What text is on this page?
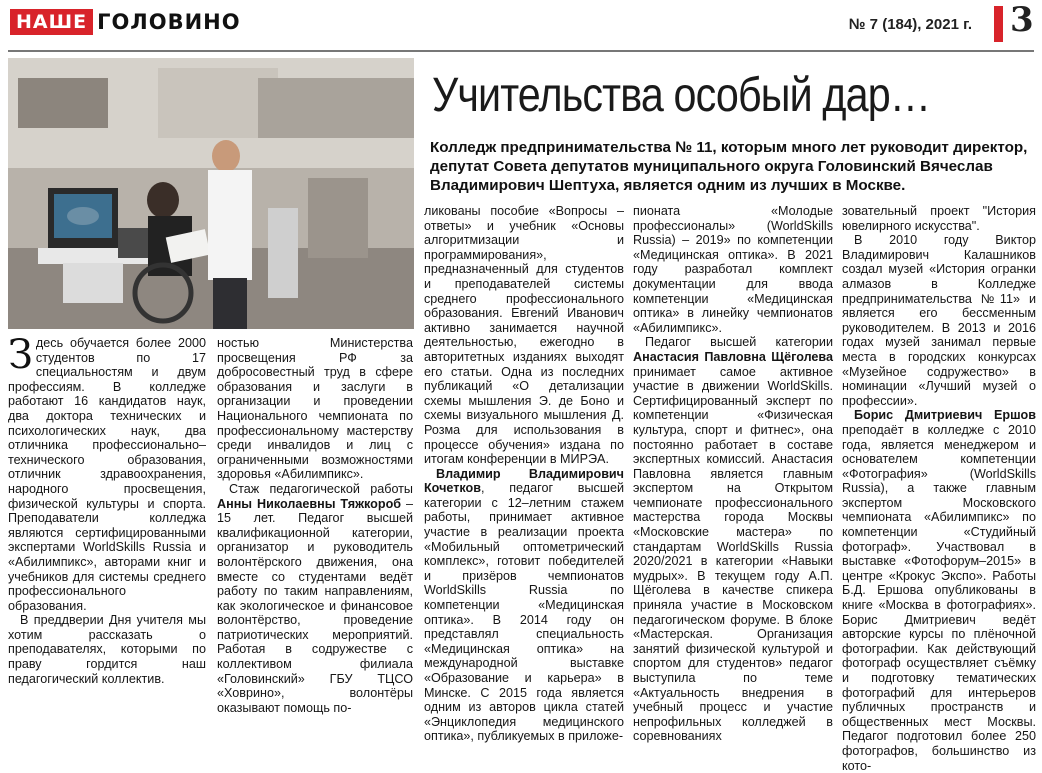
НАШЕ ГОЛОВИНО	№ 7 (184), 2021 г. 3
Учительства особый дар…
Колледж предпринимательства № 11, которым много лет руководит директор, депутат Совета депутатов муниципального округа Головинский Вячеслав Владимирович Шептуха, является одним из лучших в Москве.
З десь обучается более 2000 студентов по 17 специальностям и двум профессиям. В колледже работают 16 кандидатов наук, два доктора технических и психологических наук, два отличника профессионально–технического образования, отличник здравоохранения, народного просвещения, физической культуры и спорта. Преподаватели колледжа являются сертифицированными экспертами WorldSkills Russia и «Абилимпикс», авторами книг и учебников для системы среднего профессионального образования.

В преддверии Дня учителя мы хотим рассказать о преподавателях, которыми по праву гордится наш педагогический коллектив.

ностью Министерства просвещения РФ за добросовестный труд в сфере образования и заслуги в организации и проведении Национального чемпионата по профессиональному мастерству среди инвалидов и лиц с ограниченными возможностями здоровья «Абилимпикс».

Стаж педагогической работы Анны Николаевны Тяжкороб – 15 лет. Педагог высшей квалификационной категории, организатор и руководитель волонтёрского движения, она вместе со студентами ведёт работу по таким направлениям, как экологическое и финансовое волонтёрство, проведение патриотических мероприятий. Работая в содружестве с коллективом филиала «Головинский» ГБУ ТЦСО «Ховрино», волонтёры оказывают помощь по-

ликованы пособие «Вопросы – ответы» и учебник «Основы алгоритмизации и программирования», предназначенный для студентов и преподавателей системы среднего профессионального образования. Евгений Иванович активно занимается научной деятельностью, ежегодно в авторитетных изданиях выходят его статьи. Одна из последних публикаций «О детализации схемы мышления Э. де Боно и схемы визуального мышления Д. Розма для использования в процессе обучения» издана по итогам конференции в МИРЭА.

Владимир Владимирович Кочетков, педагог высшей категории с 12–летним стажем работы, принимает активное участие в реализации проекта «Мобильный оптометрический комплекс», готовит победителей и призёров чемпионатов WorldSkills Russia по компетенции «Медицинская оптика». В 2014 году он представлял специальность «Медицинская оптика» на международной выставке «Образование и карьера» в Минске. С 2015 года является одним из авторов цикла статей «Энциклопедия медицинского оптика», публикуемых в приложе-

пионата «Молодые профессионалы» (WorldSkills Russia) – 2019» по компетенции «Медицинская оптика». В 2021 году разработал комплект документации для ввода компетенции «Медицинская оптика» в линейку чемпионатов «Абилимпикс».

Педагог высшей категории Анастасия Павловна Щёголева принимает самое активное участие в движении WorldSkills. Сертифицированный эксперт по компетенции «Физическая культура, спорт и фитнес», она постоянно работает в составе экспертных комиссий. Анастасия Павловна является главным экспертом на Открытом чемпионате профессионального мастерства города Москвы «Московские мастера» по стандартам WorldSkills Russia 2020/2021 в категории «Навыки мудрых». В текущем году А.П. Щёголева в качестве спикера приняла участие в Московском педагогическом форуме. В блоке «Мастерская. Организация занятий физической культурой и спортом для студентов» педагог выступила по теме «Актуальность внедрения в учебный процесс и участие непрофильных колледжей в соревнованиях

зовательный проект "История ювелирного искусства".

В 2010 году Виктор Владимирович Калашников создал музей «История огранки алмазов в Колледже предпринимательства №11» и является его бессменным руководителем. В 2013 и 2016 годах музей занимал первые места в городских конкурсах «Музейное содружество» в номинации «Лучший музей о профессии».

Борис Дмитриевич Ершов преподаёт в колледже с 2010 года, является менеджером и основателем компетенции «Фотография» (WorldSkills Russia), а также главным экспертом Московского чемпионата «Абилимпикс» по компетенции «Студийный фотограф». Участвовал в выставке «Фотофорум–2015» в центре «Крокус Экспо». Работы Б.Д. Ершова опубликованы в книге «Москва в фотографиях». Борис Дмитриевич ведёт авторские курсы по плёночной фотографии. Как действующий фотограф осуществляет съёмку и подготовку тематических фотографий для интерьеров публичных пространств и общественных мест Москвы. Педагог подготовил более 250 фотографов, большинство из кото-
